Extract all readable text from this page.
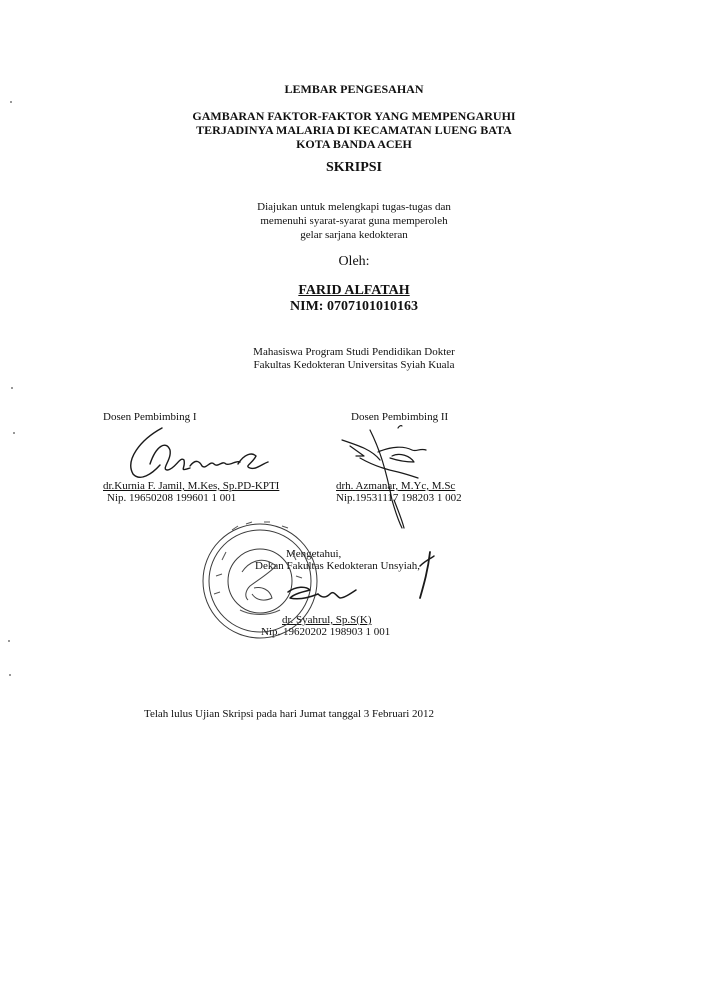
LEMBAR PENGESAHAN
GAMBARAN FAKTOR-FAKTOR YANG MEMPENGARUHI
TERJADINYA MALARIA DI KECAMATAN LUENG BATA
KOTA BANDA ACEH
SKRIPSI
Diajukan untuk melengkapi tugas-tugas dan
memenuhi syarat-syarat guna memperoleh
gelar sarjana kedokteran
Oleh:
FARID ALFATAH
NIM: 0707101010163
Mahasiswa Program Studi Pendidikan Dokter
Fakultas Kedokteran Universitas Syiah Kuala
Dosen Pembimbing I
dr.Kurnia F. Jamil, M.Kes, Sp.PD-KPTI
Nip. 19650208 199601 1 001
Dosen Pembimbing II
drh. Azmanar, M.Yc, M.Sc
Nip.19531117 198203 1 002
Mengetahui,
Dekan Fakultas Kedokteran Unsyiah,
dr. Syahrul, Sp.S(K)
Nip. 19620202 198903 1 001
Telah lulus Ujian Skripsi pada hari Jumat tanggal 3 Februari 2012
